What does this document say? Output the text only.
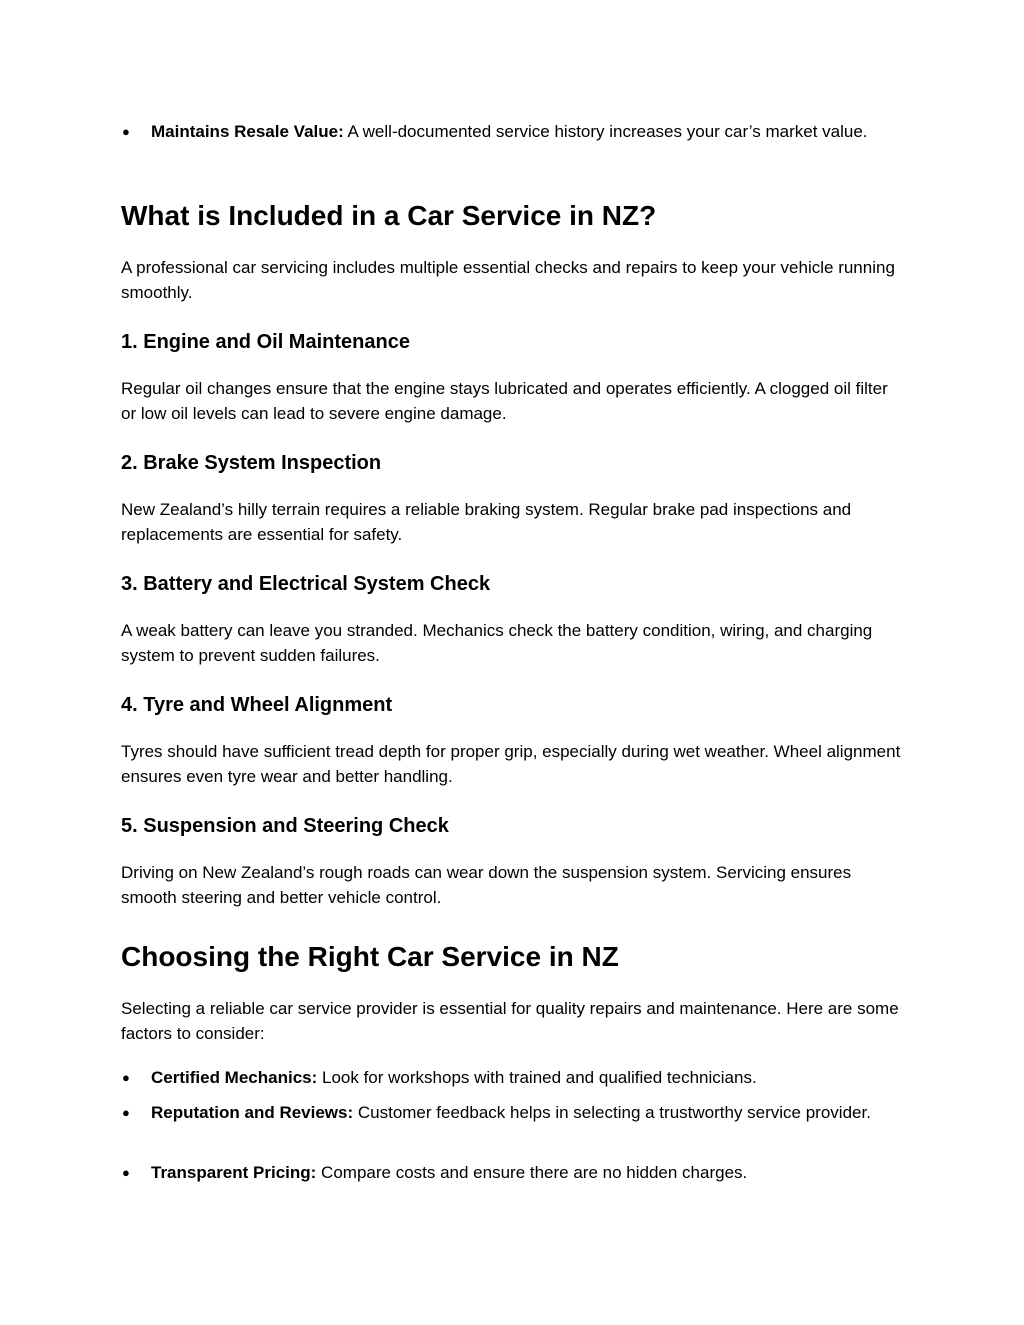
● Maintains Resale Value: A well-documented service history increases your car’s market value.
What is Included in a Car Service in NZ?

A professional car servicing includes multiple essential checks and repairs to keep your vehicle running smoothly.

1. Engine and Oil Maintenance

Regular oil changes ensure that the engine stays lubricated and operates efficiently. A clogged oil filter or low oil levels can lead to severe engine damage.

2. Brake System Inspection

New Zealand’s hilly terrain requires a reliable braking system. Regular brake pad inspections and replacements are essential for safety.

3. Battery and Electrical System Check

A weak battery can leave you stranded. Mechanics check the battery condition, wiring, and charging system to prevent sudden failures.

4. Tyre and Wheel Alignment

Tyres should have sufficient tread depth for proper grip, especially during wet weather. Wheel alignment ensures even tyre wear and better handling.

5. Suspension and Steering Check

Driving on New Zealand’s rough roads can wear down the suspension system. Servicing ensures smooth steering and better vehicle control.

Choosing the Right Car Service in NZ

Selecting a reliable car service provider is essential for quality repairs and maintenance. Here are some factors to consider:

● Certified Mechanics: Look for workshops with trained and qualified technicians.
● Reputation and Reviews: Customer feedback helps in selecting a trustworthy service provider.
● Transparent Pricing: Compare costs and ensure there are no hidden charges.
